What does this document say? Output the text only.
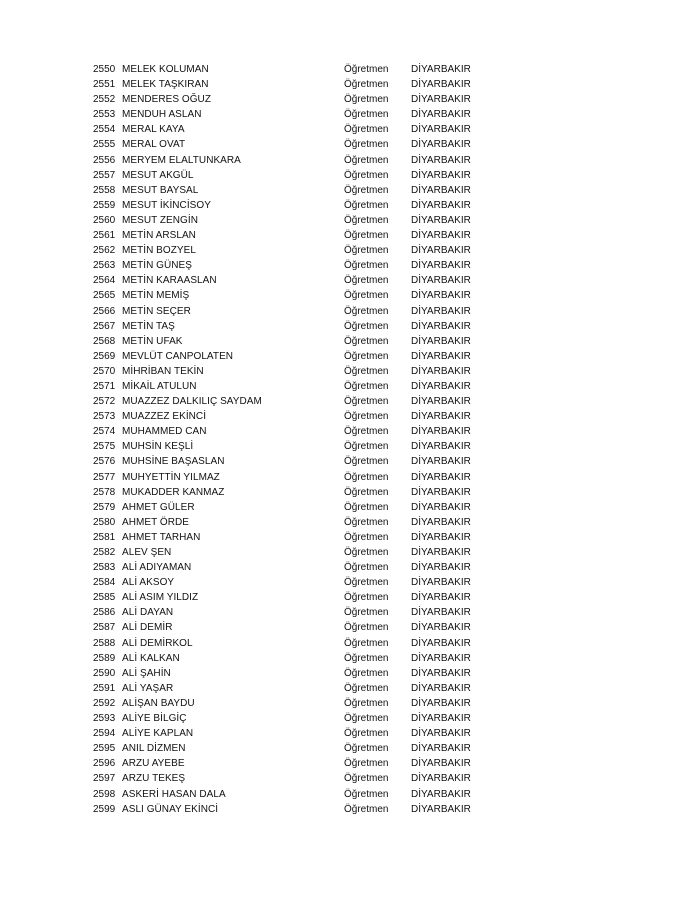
2550 MELEK KOLUMAN	Öğretmen DİYARBAKIR
2551 MELEK TAŞKIRAN	Öğretmen DİYARBAKIR
2552 MENDERES OĞUZ	Öğretmen DİYARBAKIR
2553 MENDUH ASLAN	Öğretmen DİYARBAKIR
2554 MERAL KAYA	Öğretmen DİYARBAKIR
2555 MERAL OVAT	Öğretmen DİYARBAKIR
2556 MERYEM ELALTUNKARA	Öğretmen DİYARBAKIR
2557 MESUT AKGÜL	Öğretmen DİYARBAKIR
2558 MESUT BAYSAL	Öğretmen DİYARBAKIR
2559 MESUT İKİNCİSOY	Öğretmen DİYARBAKIR
2560 MESUT ZENGİN	Öğretmen DİYARBAKIR
2561 METİN ARSLAN	Öğretmen DİYARBAKIR
2562 METİN BOZYEL	Öğretmen DİYARBAKIR
2563 METİN GÜNEŞ	Öğretmen DİYARBAKIR
2564 METİN KARAASLAN	Öğretmen DİYARBAKIR
2565 METİN MEMİŞ	Öğretmen DİYARBAKIR
2566 METİN SEÇER	Öğretmen DİYARBAKIR
2567 METİN TAŞ	Öğretmen DİYARBAKIR
2568 METİN UFAK	Öğretmen DİYARBAKIR
2569 MEVLÜT CANPOLATEN	Öğretmen DİYARBAKIR
2570 MİHRİBAN TEKİN	Öğretmen DİYARBAKIR
2571 MİKAİL ATULUN	Öğretmen DİYARBAKIR
2572 MUAZZEZ DALKILIÇ SAYDAM	Öğretmen DİYARBAKIR
2573 MUAZZEZ EKİNCİ	Öğretmen DİYARBAKIR
2574 MUHAMMED CAN	Öğretmen DİYARBAKIR
2575 MUHSİN KEŞLİ	Öğretmen DİYARBAKIR
2576 MUHSİNE BAŞASLAN	Öğretmen DİYARBAKIR
2577 MUHYETTİN YILMAZ	Öğretmen DİYARBAKIR
2578 MUKADDER KANMAZ	Öğretmen DİYARBAKIR
2579 AHMET GÜLER	Öğretmen DİYARBAKIR
2580 AHMET ÖRDE	Öğretmen DİYARBAKIR
2581 AHMET TARHAN	Öğretmen DİYARBAKIR
2582 ALEV ŞEN	Öğretmen DİYARBAKIR
2583 ALİ ADIYAMAN	Öğretmen DİYARBAKIR
2584 ALİ AKSOY	Öğretmen DİYARBAKIR
2585 ALİ ASIM YILDIZ	Öğretmen DİYARBAKIR
2586 ALİ DAYAN	Öğretmen DİYARBAKIR
2587 ALİ DEMİR	Öğretmen DİYARBAKIR
2588 ALİ DEMİRKOL	Öğretmen DİYARBAKIR
2589 ALİ KALKAN	Öğretmen DİYARBAKIR
2590 ALİ ŞAHİN	Öğretmen DİYARBAKIR
2591 ALİ YAŞAR	Öğretmen DİYARBAKIR
2592 ALİŞAN BAYDU	Öğretmen DİYARBAKIR
2593 ALİYE BİLGİÇ	Öğretmen DİYARBAKIR
2594 ALİYE KAPLAN	Öğretmen DİYARBAKIR
2595 ANIL DİZMEN	Öğretmen DİYARBAKIR
2596 ARZU AYEBE	Öğretmen DİYARBAKIR
2597 ARZU TEKEŞ	Öğretmen DİYARBAKIR
2598 ASKERİ HASAN DALA	Öğretmen DİYARBAKIR
2599 ASLI GÜNAY EKİNCİ	Öğretmen DİYARBAKIR
